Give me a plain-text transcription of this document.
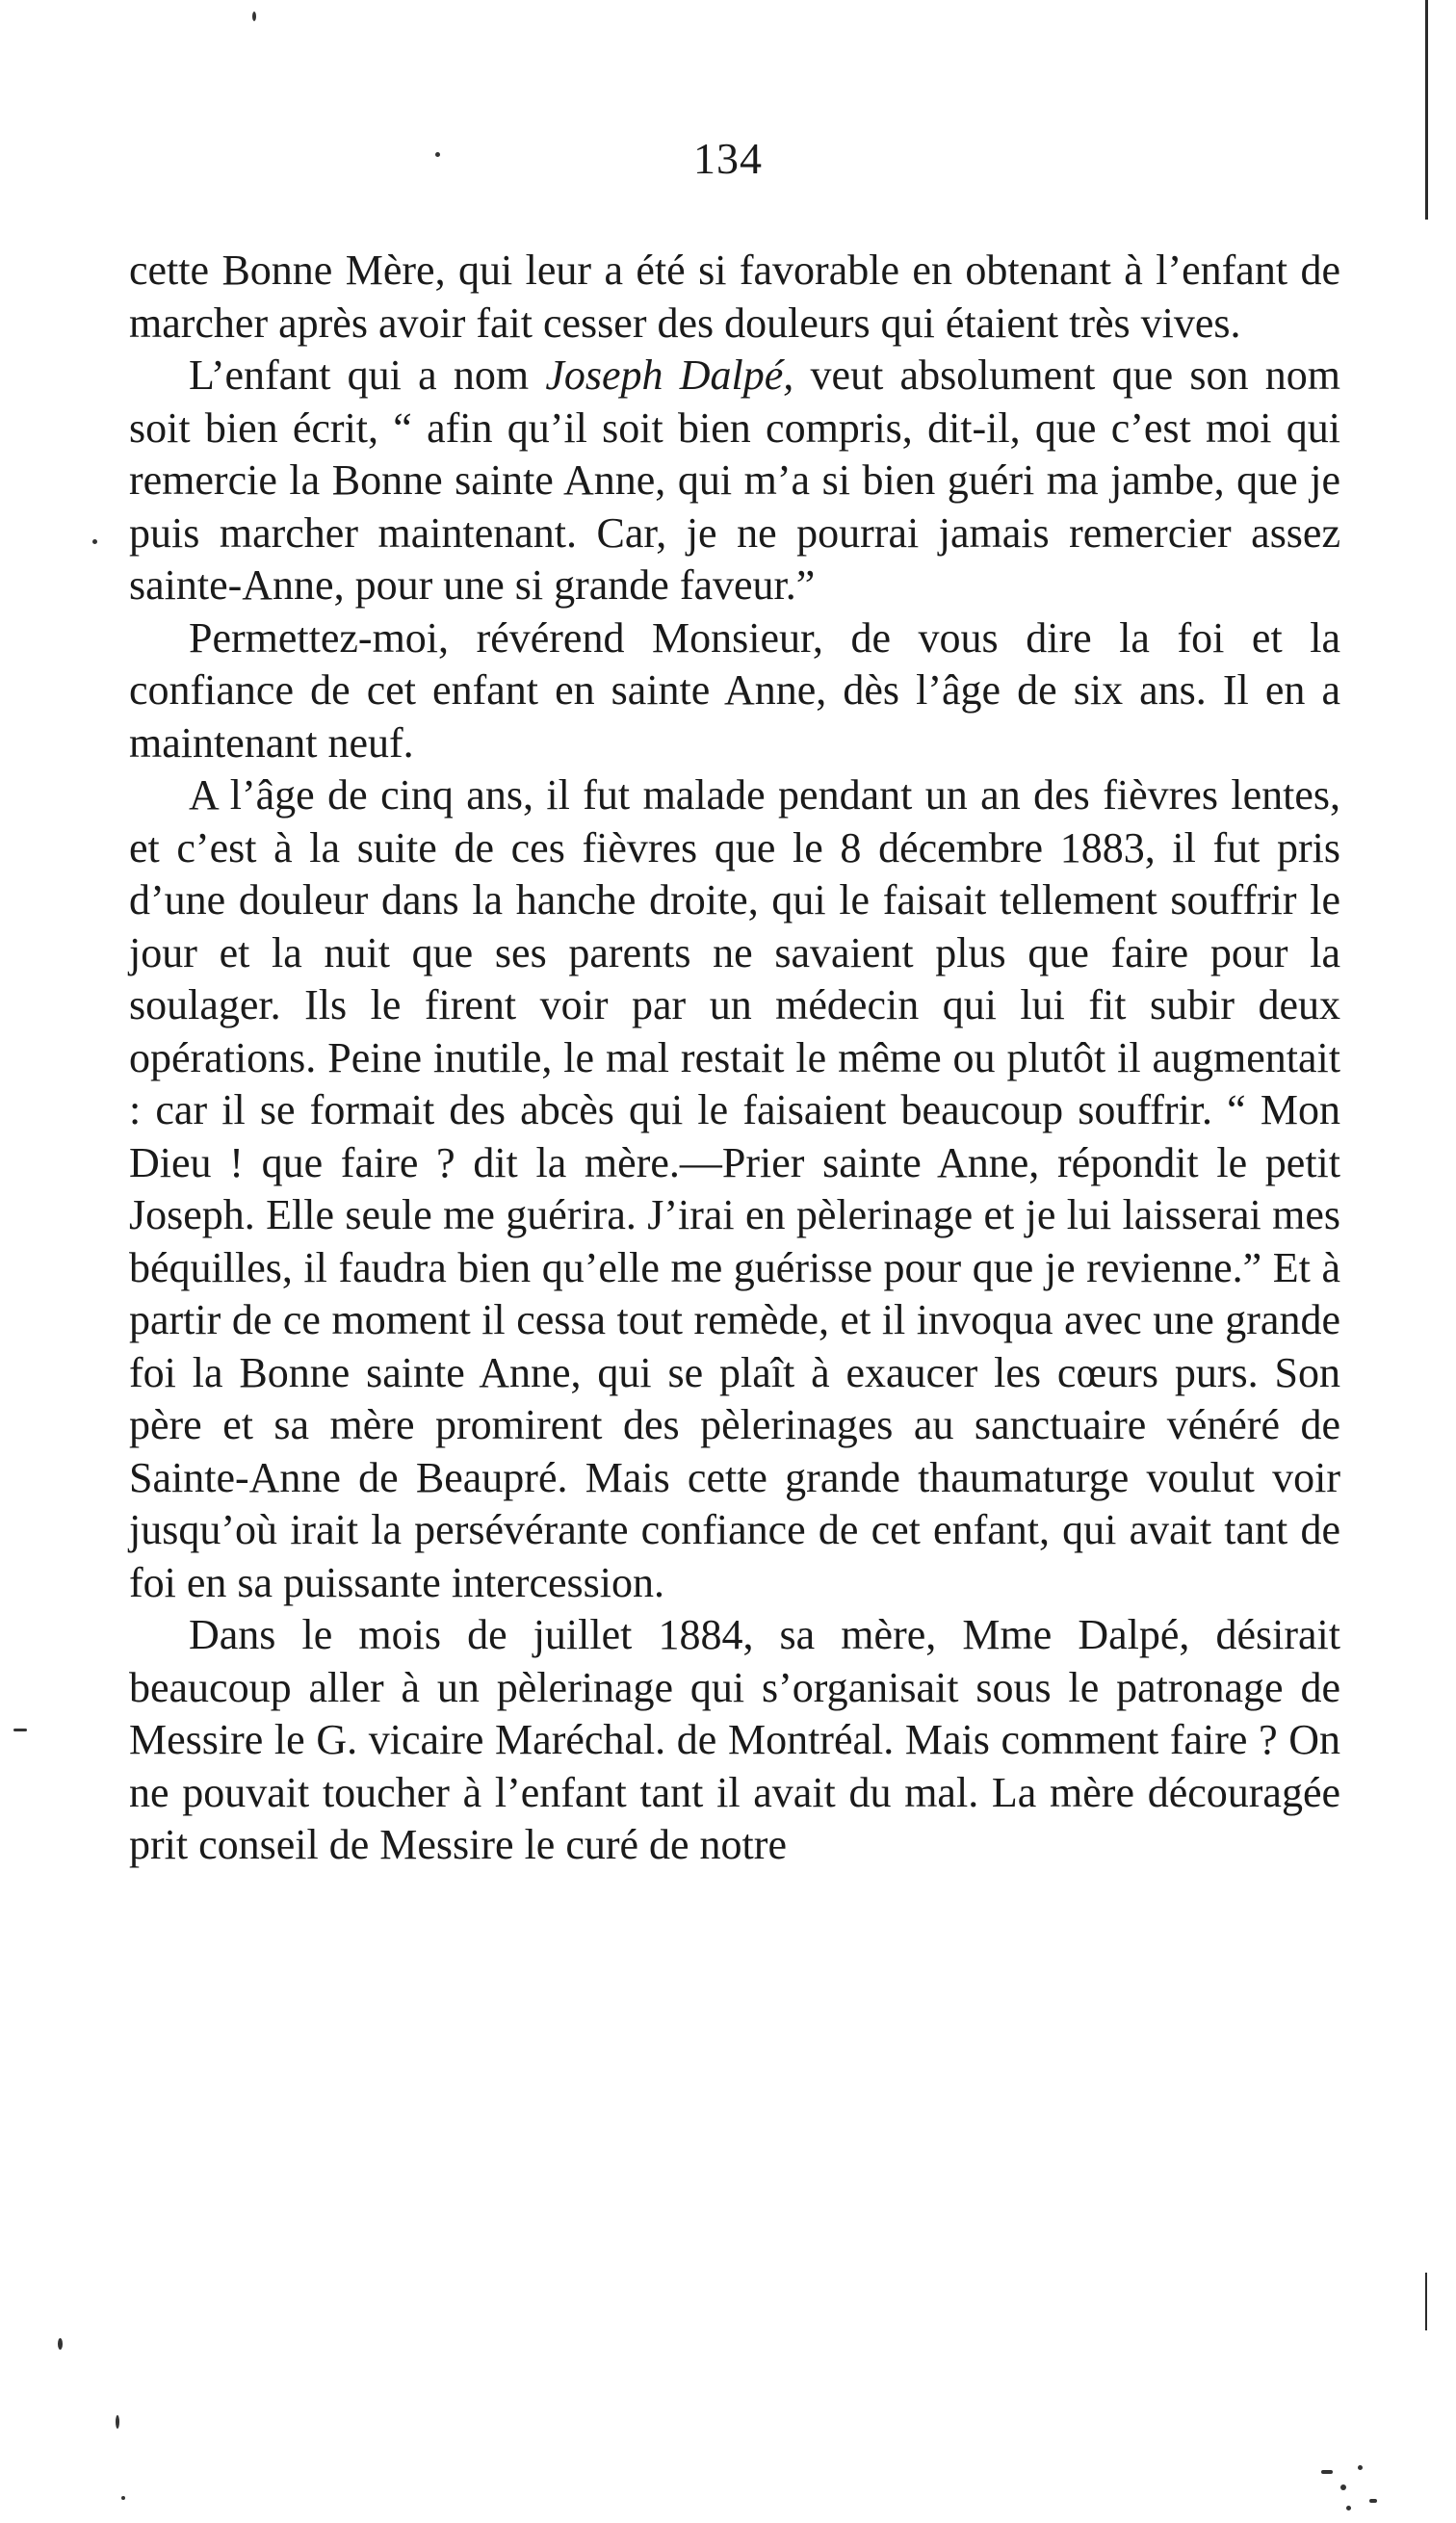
134

cette Bonne Mère, qui leur a été si favorable en obtenant à l’enfant de marcher après avoir fait cesser des douleurs qui étaient très vives.

L’enfant qui a nom Joseph Dalpé, veut absolument que son nom soit bien écrit, “ afin qu’il soit bien compris, dit-il, que c’est moi qui remercie la Bonne sainte Anne, qui m’a si bien guéri ma jambe, que je puis marcher maintenant. Car, je ne pourrai jamais remercier assez sainte-Anne, pour une si grande faveur.”

Permettez-moi, révérend Monsieur, de vous dire la foi et la confiance de cet enfant en sainte Anne, dès l’âge de six ans. Il en a maintenant neuf.

A l’âge de cinq ans, il fut malade pendant un an des fièvres lentes, et c’est à la suite de ces fièvres que le 8 décembre 1883, il fut pris d’une douleur dans la hanche droite, qui le faisait tellement souffrir le jour et la nuit que ses parents ne savaient plus que faire pour la soulager. Ils le firent voir par un médecin qui lui fit subir deux opérations. Peine inutile, le mal restait le même ou plutôt il augmentait : car il se formait des abcès qui le faisaient beaucoup souffrir. “ Mon Dieu ! que faire ? dit la mère.—Prier sainte Anne, répondit le petit Joseph. Elle seule me guérira. J’irai en pèlerinage et je lui laisserai mes béquilles, il faudra bien qu’elle me guérisse pour que je revienne.” Et à partir de ce moment il cessa tout remède, et il invoqua avec une grande foi la Bonne sainte Anne, qui se plaît à exaucer les cœurs purs. Son père et sa mère promirent des pèlerinages au sanctuaire vénéré de Sainte-Anne de Beaupré. Mais cette grande thaumaturge voulut voir jusqu’où irait la persévérante confiance de cet enfant, qui avait tant de foi en sa puissante intercession.

Dans le mois de juillet 1884, sa mère, Mme Dalpé, désirait beaucoup aller à un pèlerinage qui s’organisait sous le patronage de Messire le G. vicaire Maréchal. de Montréal. Mais comment faire ? On ne pouvait toucher à l’enfant tant il avait du mal. La mère découragée prit conseil de Messire le curé de notre
